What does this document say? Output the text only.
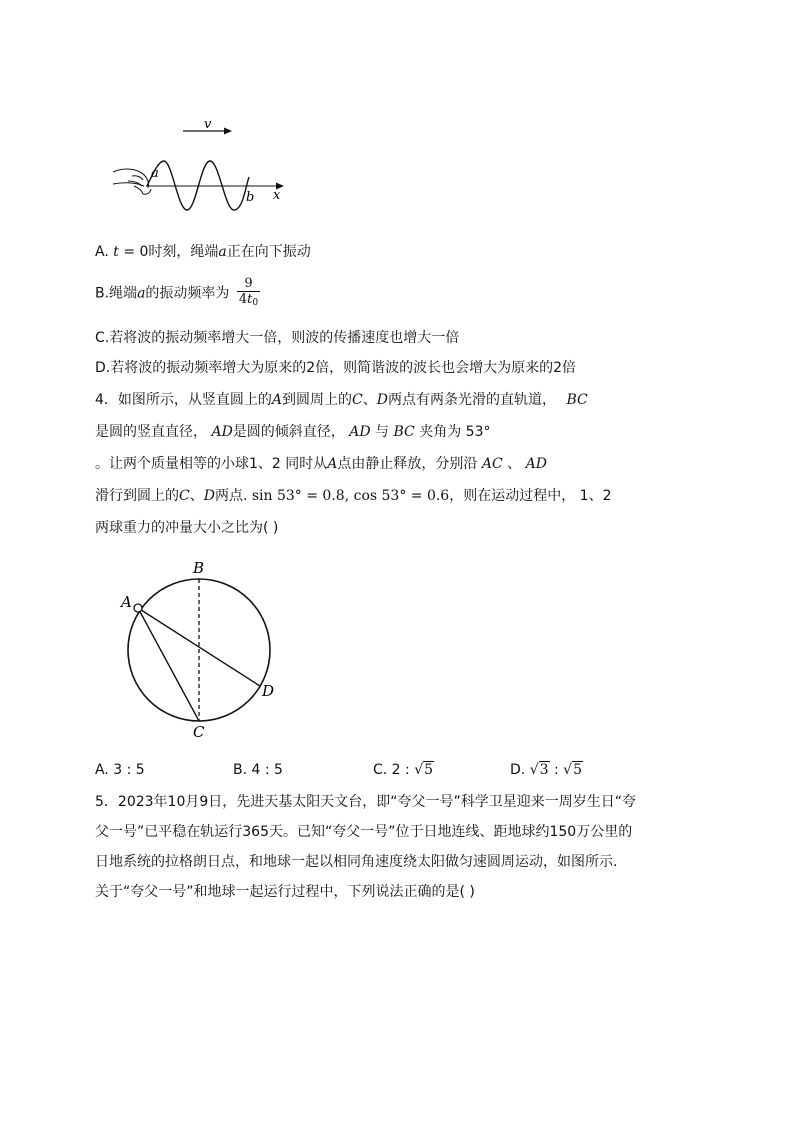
v
a
b x
A
B
C
D
A. t = 0时刻，绳端a正在向下振动
B.绳端a的振动频率为 $\frac{9}{4t_0}$
C.若将波的振动频率增大一倍，则波的传播速度也增大一倍
D.若将波的振动频率增大为原来的2倍，则简谐波的波长也会增大为原来的2倍
4．如图所示，从竖直圆上的A到圆周上的C、D两点有两条光滑的直轨道， BC
是圆的竖直直径， AD是圆的倾斜直径， AD 与 BC 夹角为 53°
。让两个质量相等的小球1、2 同时从A点由静止释放，分别沿 AC 、 AD
滑行到圆上的C、D两点. sin 53° = 0.8, cos 53° = 0.6，则在运动过程中， 1、2
两球重力的冲量大小之比为( )
A. 3 : 5	B. 4 : 5	C. 2 : √5	D. √3 : √5
5．2023年10月9日，先进天基太阳天文台，即“夸父一号”科学卫星迎来一周岁生日“夸
父一号”已平稳在轨运行365天。已知“夸父一号”位于日地连线、距地球约150万公里的
日地系统的拉格朗日点，和地球一起以相同角速度绕太阳做匀速圆周运动，如图所示.
关于“夸父一号”和地球一起运行过程中，下列说法正确的是( )
